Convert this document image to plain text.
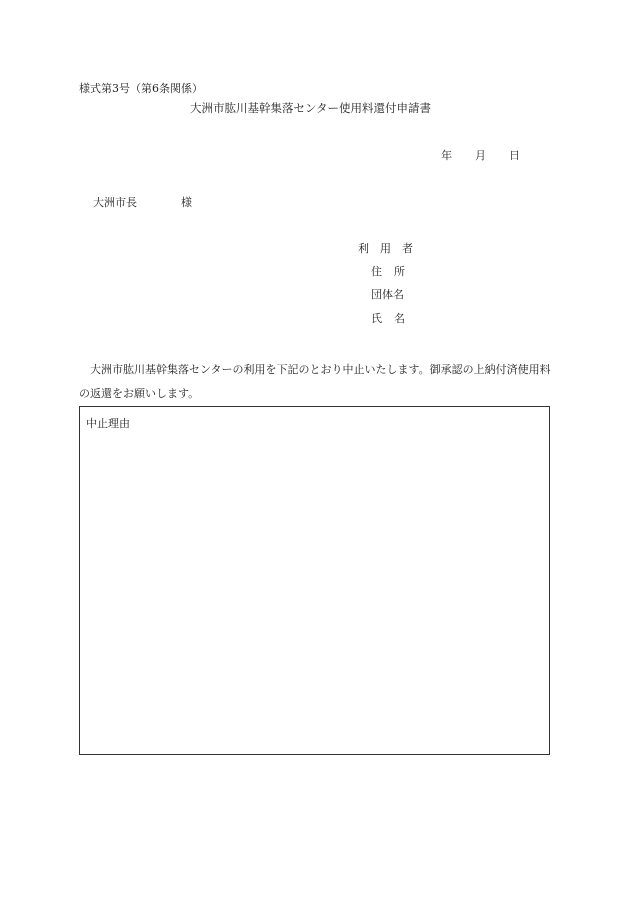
様式第3号（第6条関係）
大洲市肱川基幹集落センター使用料還付申請書
年 月 日
大洲市長	様
利用者
住所
団体名
氏名
大洲市肱川基幹集落センターの利用を下記のとおり中止いたします。御承認の上納付済使用料の返還をお願いします。
中止理由
